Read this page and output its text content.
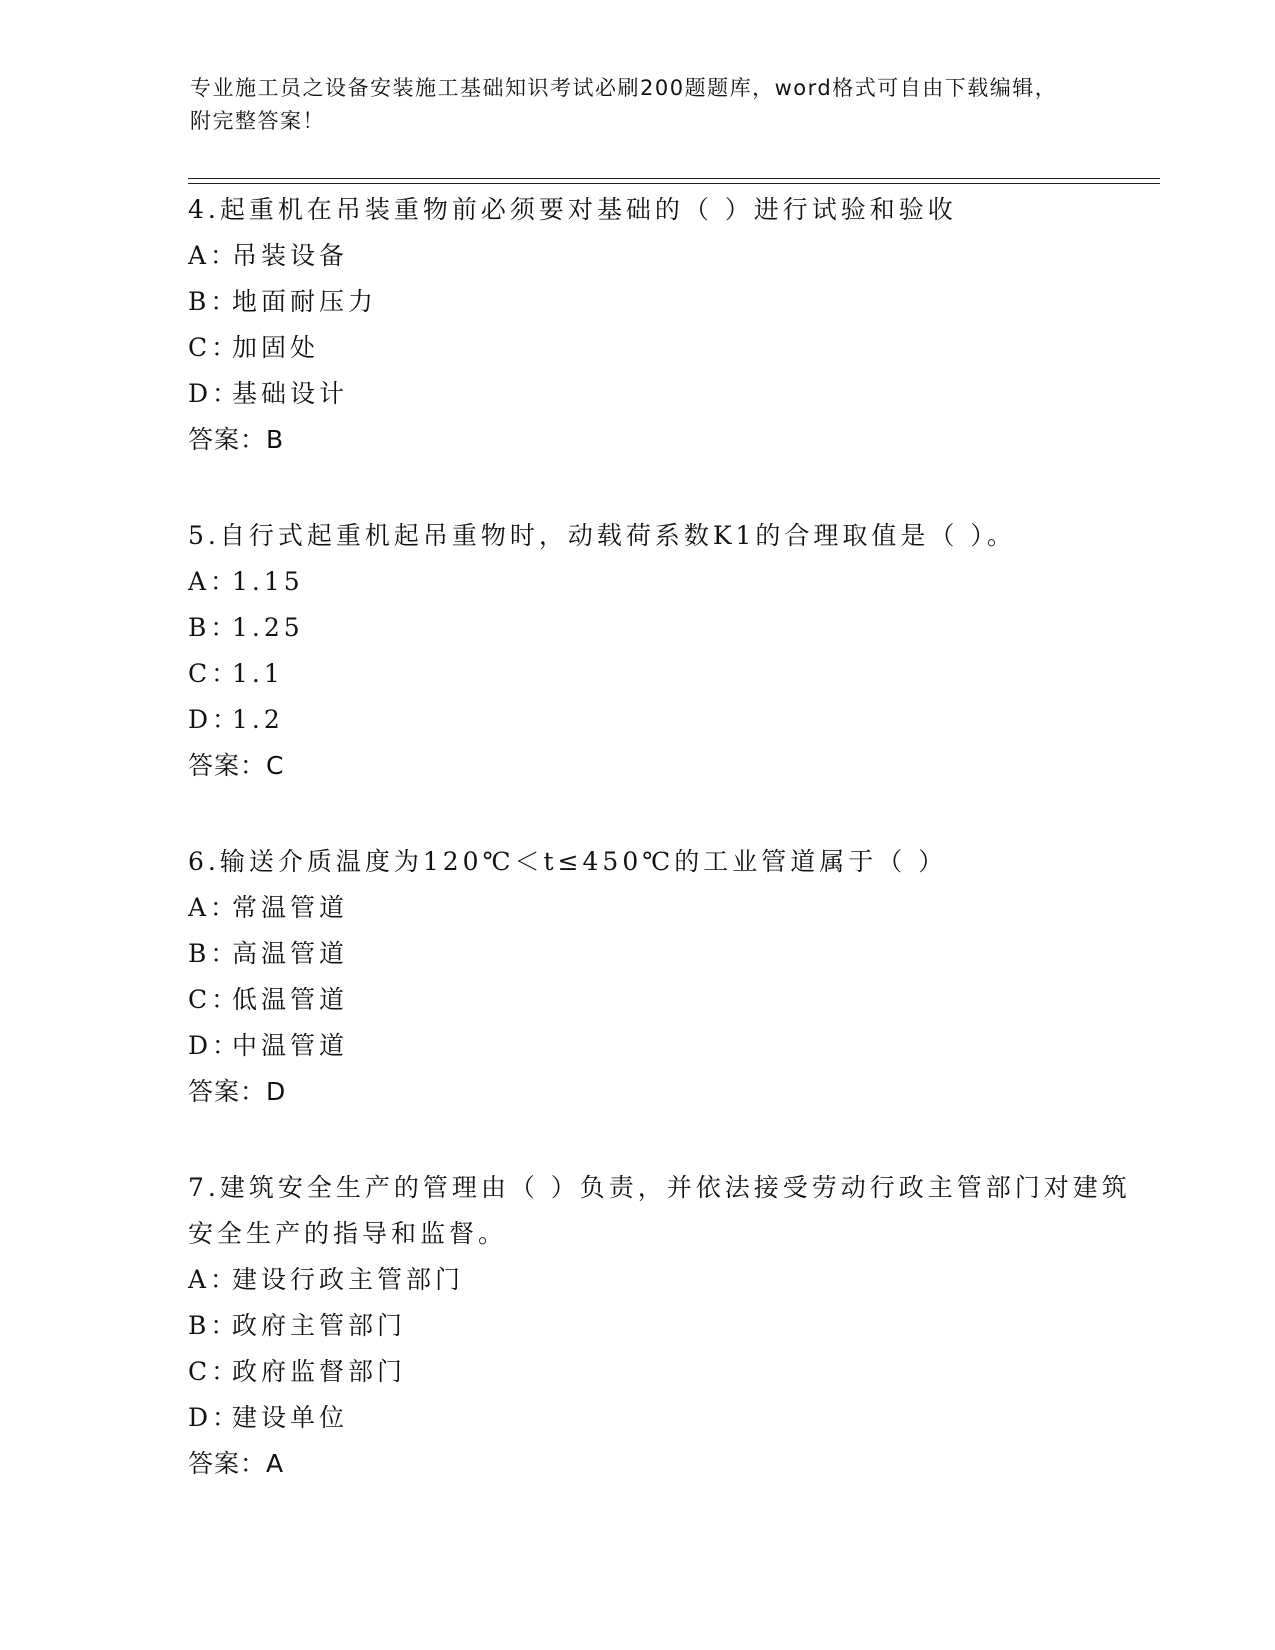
专业施工员之设备安装施工基础知识考试必刷200题题库，word格式可自由下载编辑，附完整答案！
4.起重机在吊装重物前必须要对基础的（ ）进行试验和验收
A：
吊装设备
B：
地面耐压力
C：
加固处
D：
基础设计
答案：B
5.自行式起重机起吊重物时，动载荷系数K1的合理取值是（ ）。
A：
1.15
B：
1.25
C：
1.1
D：
1.2
答案：C
6.输送介质温度为120℃＜t≤450℃的工业管道属于（ ）
A：
常温管道
B：
高温管道
C：
低温管道
D：
中温管道
答案：D
7.建筑安全生产的管理由（ ）负责，并依法接受劳动行政主管部门对建筑安全生产的指导和监督。
A：
建设行政主管部门
B：
政府主管部门
C：
政府监督部门
D：
建设单位
答案：A
